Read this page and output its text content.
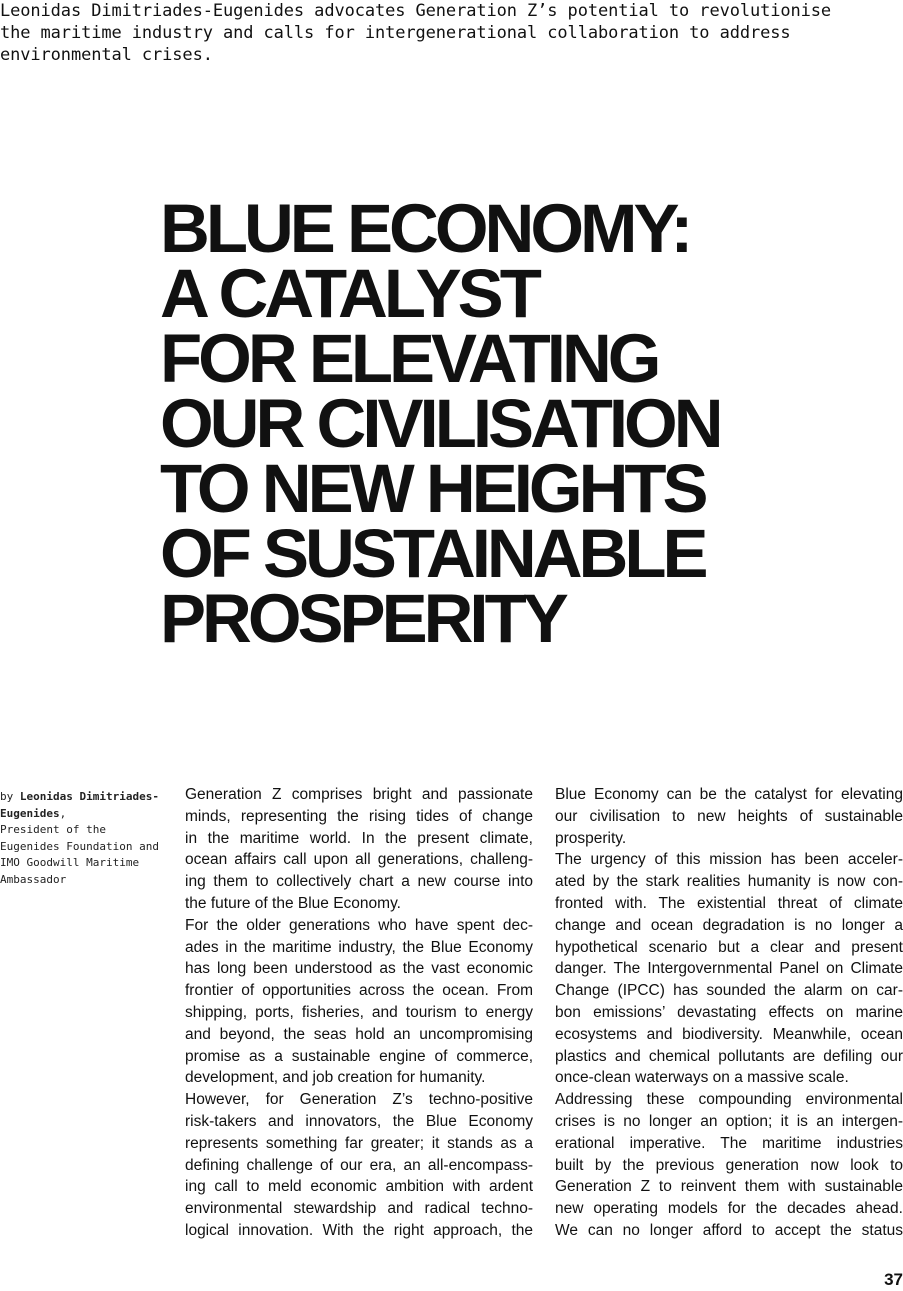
Leonidas Dimitriades-Eugenides advocates Generation Z’s potential to revolutionise
the maritime industry and calls for intergenerational collaboration to address
environmental crises.
BLUE ECONOMY:
A CATALYST
FOR ELEVATING
OUR CIVILISATION
TO NEW HEIGHTS
OF SUSTAINABLE
PROSPERITY
by Leonidas Dimitriades-
Eugenides,
President of the
Eugenides Foundation and
IMO Goodwill Maritime
Ambassador
Generation Z comprises bright and passionate
minds, representing the rising tides of change
in the maritime world. In the present climate,
ocean affairs call upon all generations, challeng-
ing them to collectively chart a new course into
the future of the Blue Economy.
For the older generations who have spent dec-
ades in the maritime industry, the Blue Economy
has long been understood as the vast economic
frontier of opportunities across the ocean. From
shipping, ports, fisheries, and tourism to energy
and beyond, the seas hold an uncompromising
promise as a sustainable engine of commerce,
development, and job creation for humanity.
However, for Generation Z’s techno-positive
risk-takers and innovators, the Blue Economy
represents something far greater; it stands as a
defining challenge of our era, an all-encompass-
ing call to meld economic ambition with ardent
environmental stewardship and radical techno-
logical innovation. With the right approach, the
Blue Economy can be the catalyst for elevating
our civilisation to new heights of sustainable
prosperity.
The urgency of this mission has been acceler-
ated by the stark realities humanity is now con-
fronted with. The existential threat of climate
change and ocean degradation is no longer a
hypothetical scenario but a clear and present
danger. The Intergovernmental Panel on Climate
Change (IPCC) has sounded the alarm on car-
bon emissions’ devastating effects on marine
ecosystems and biodiversity. Meanwhile, ocean
plastics and chemical pollutants are defiling our
once-clean waterways on a massive scale.
Addressing these compounding environmental
crises is no longer an option; it is an intergen-
erational imperative. The maritime industries
built by the previous generation now look to
Generation Z to reinvent them with sustainable
new operating models for the decades ahead.
We can no longer afford to accept the status
37
